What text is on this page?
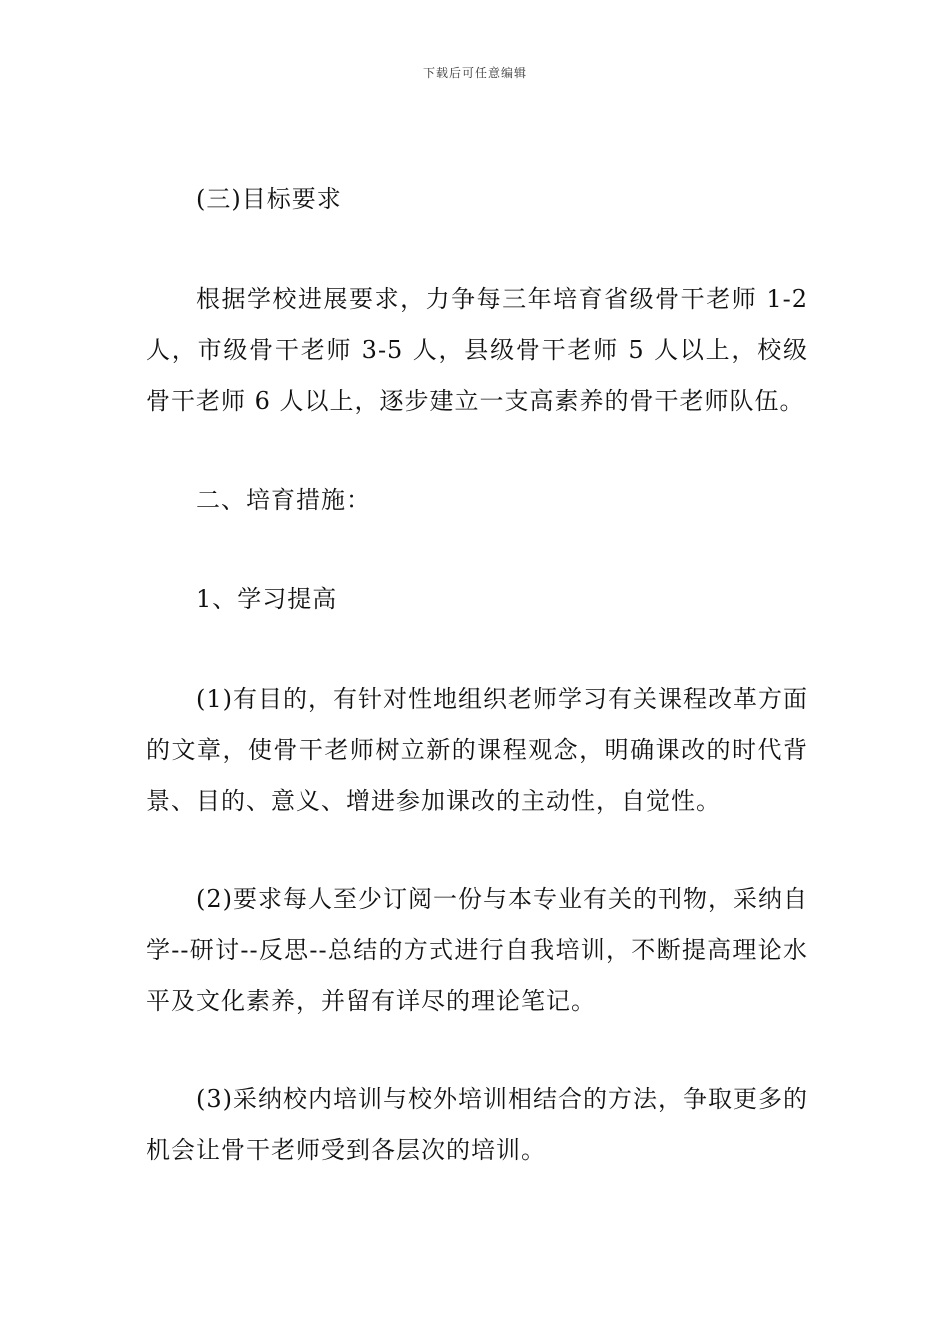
下载后可任意编辑
(三)目标要求
根据学校进展要求，力争每三年培育省级骨干老师 1-2人，市级骨干老师 3-5 人，县级骨干老师 5 人以上，校级骨干老师 6 人以上，逐步建立一支高素养的骨干老师队伍。
二、培育措施：
1、学习提高
(1)有目的，有针对性地组织老师学习有关课程改革方面的文章，使骨干老师树立新的课程观念，明确课改的时代背景、目的、意义、增进参加课改的主动性，自觉性。
(2)要求每人至少订阅一份与本专业有关的刊物，采纳自学--研讨--反思--总结的方式进行自我培训，不断提高理论水平及文化素养，并留有详尽的理论笔记。
(3)采纳校内培训与校外培训相结合的方法，争取更多的机会让骨干老师受到各层次的培训。
